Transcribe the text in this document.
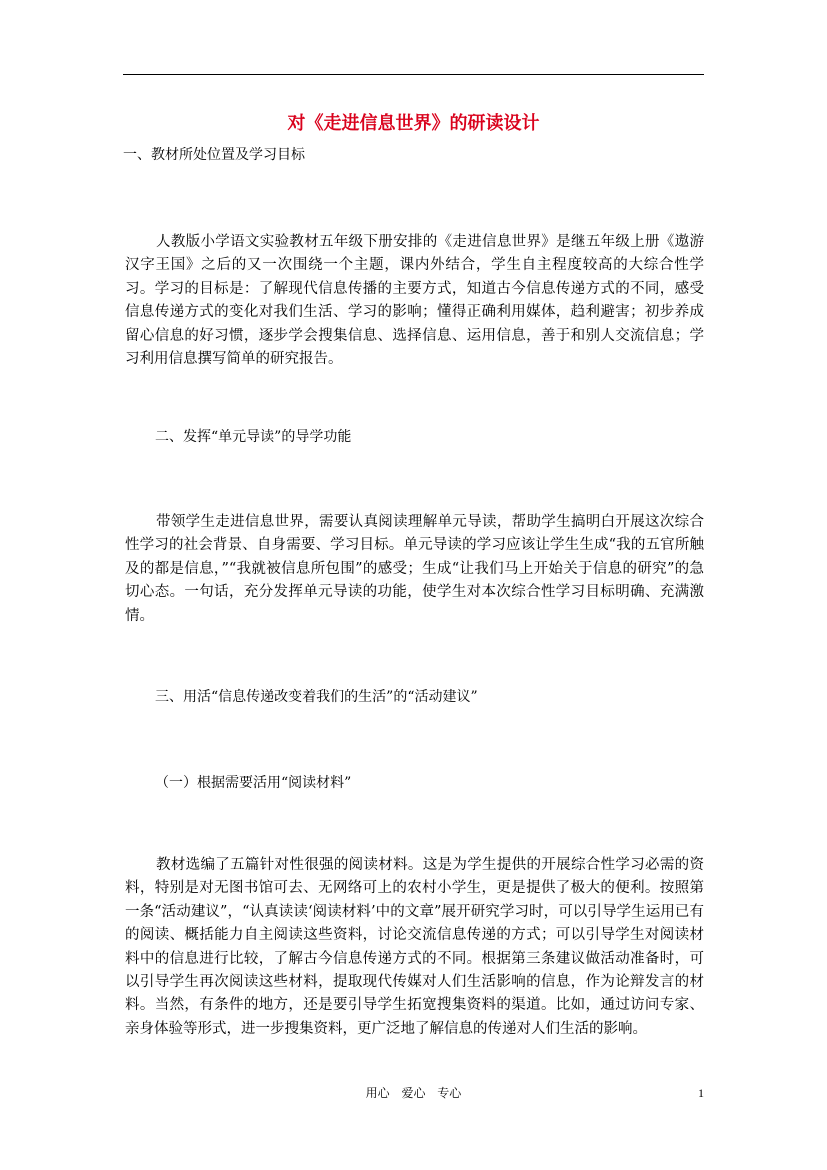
对《走进信息世界》的研读设计
一、教材所处位置及学习目标

人教版小学语文实验教材五年级下册安排的《走进信息世界》是继五年级上册《遨游汉字王国》之后的又一次围绕一个主题，课内外结合，学生自主程度较高的大综合性学习。学习的目标是：了解现代信息传播的主要方式，知道古今信息传递方式的不同，感受信息传递方式的变化对我们生活、学习的影响；懂得正确利用媒体，趋利避害；初步养成留心信息的好习惯，逐步学会搜集信息、选择信息、运用信息，善于和别人交流信息；学习利用信息撰写简单的研究报告。

二、发挥“单元导读”的导学功能

带领学生走进信息世界，需要认真阅读理解单元导读，帮助学生搞明白开展这次综合性学习的社会背景、自身需要、学习目标。单元导读的学习应该让学生生成“我的五官所触及的都是信息，”“我就被信息所包围”的感受；生成“让我们马上开始关于信息的研究”的急切心态。一句话，充分发挥单元导读的功能，使学生对本次综合性学习目标明确、充满激情。

三、用活“信息传递改变着我们的生活”的“活动建议”
（一）根据需要活用“阅读材料”

教材选编了五篇针对性很强的阅读材料。这是为学生提供的开展综合性学习必需的资料，特别是对无图书馆可去、无网络可上的农村小学生，更是提供了极大的便利。按照第一条“活动建议”，“认真读读‘阅读材料’中的文章”展开研究学习时，可以引导学生运用已有的阅读、概括能力自主阅读这些资料，讨论交流信息传递的方式；可以引导学生对阅读材料中的信息进行比较，了解古今信息传递方式的不同。根据第三条建议做活动准备时，可以引导学生再次阅读这些材料，提取现代传媒对人们生活影响的信息，作为论辩发言的材料。当然，有条件的地方，还是要引导学生拓宽搜集资料的渠道。比如，通过访问专家、亲身体验等形式，进一步搜集资料，更广泛地了解信息的传递对人们生活的影响。

用心 爱心 专心	1
